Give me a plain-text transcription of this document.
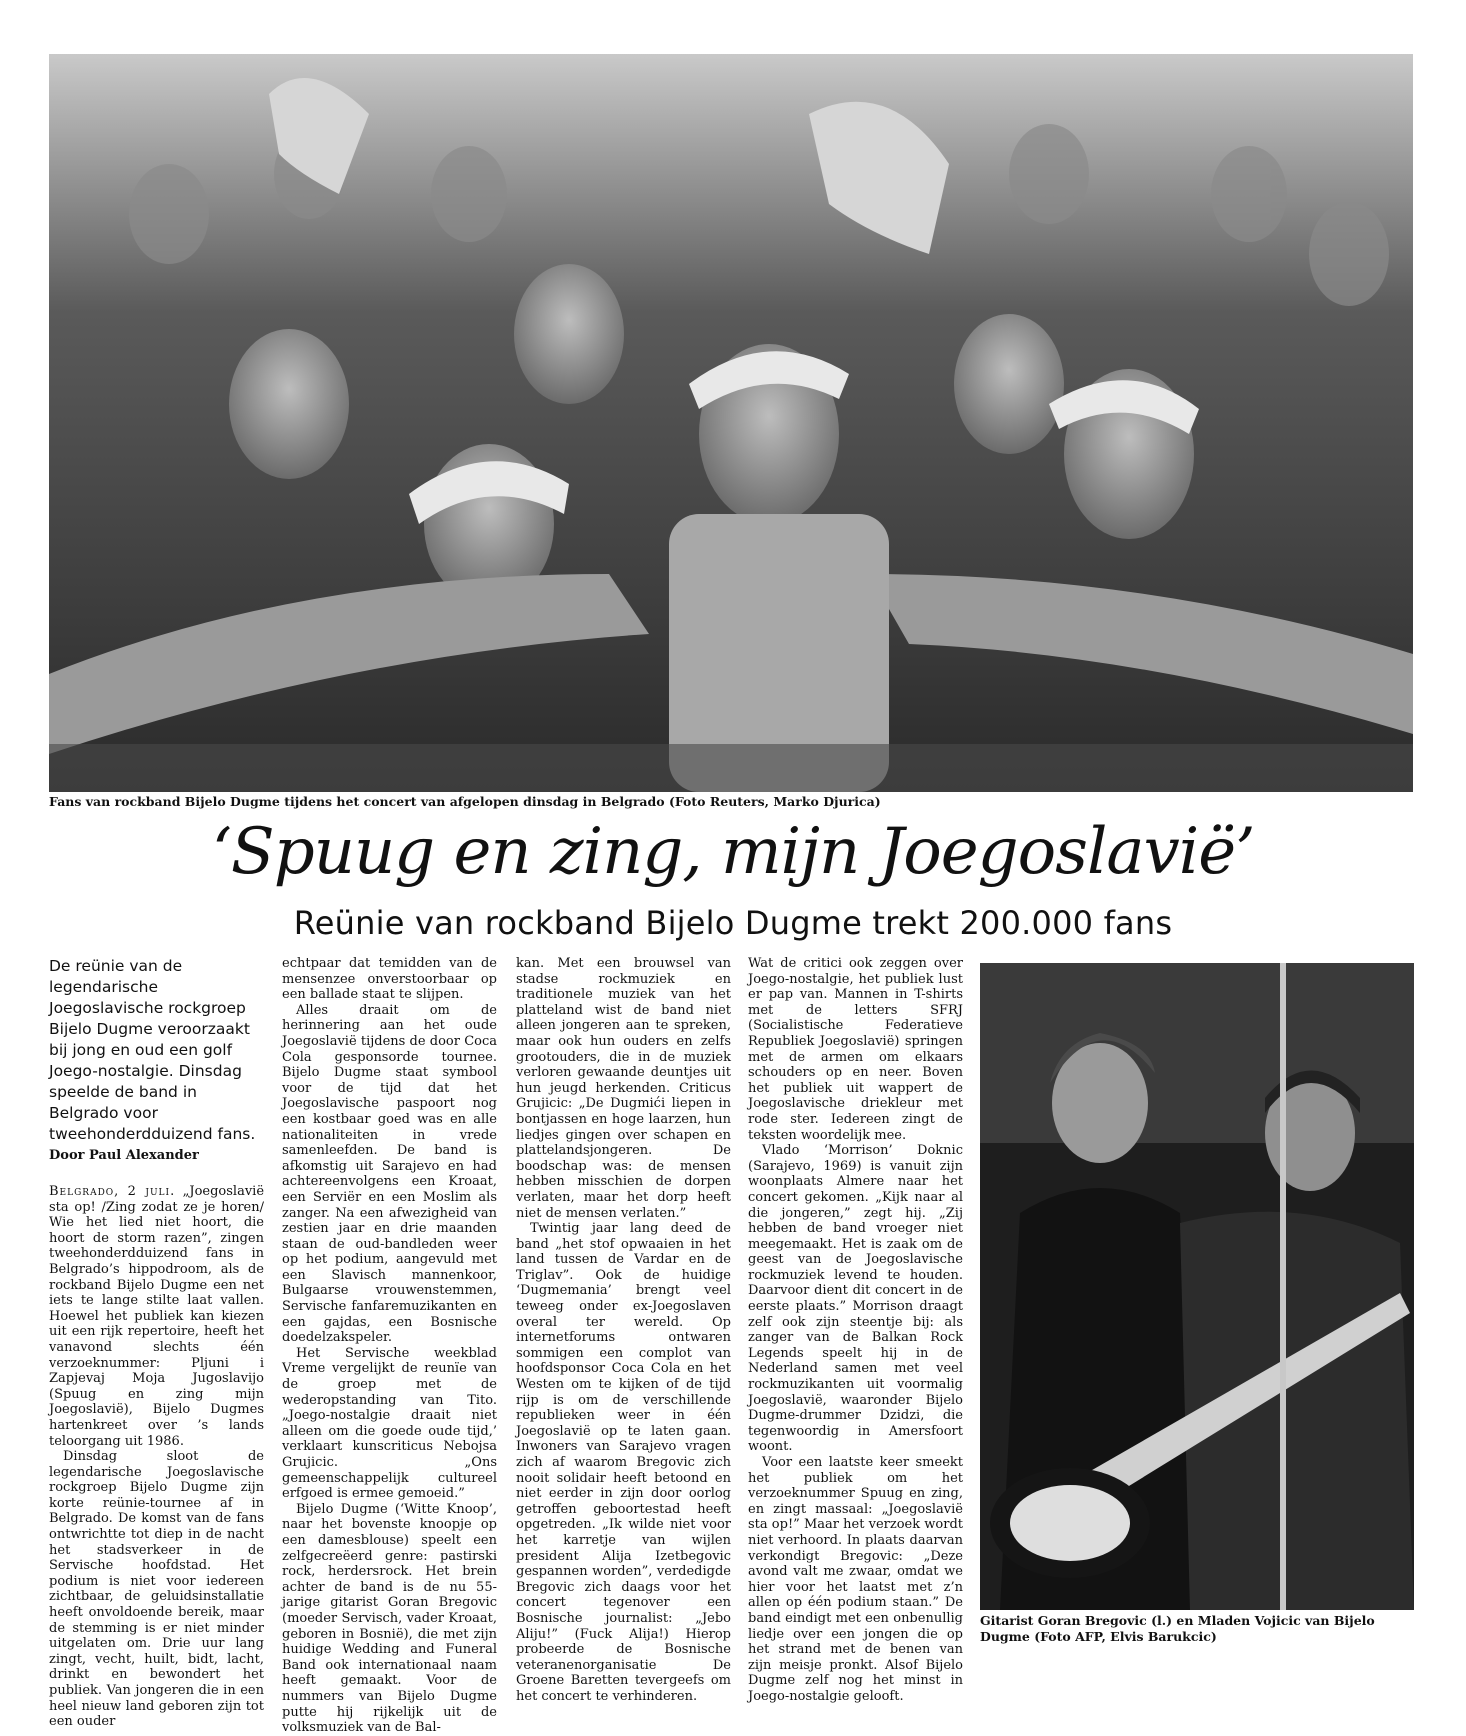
Fans van rockband Bijelo Dugme tijdens het concert van afgelopen dinsdag in Belgrado (Foto Reuters, Marko Djurica)
‘Spuug en zing, mijn Joegoslavië’
Reünie van rockband Bijelo Dugme trekt 200.000 fans
De reünie van de legendarische Joegoslavische rockgroep Bijelo Dugme veroorzaakt bij jong en oud een golf Joego-nostalgie. Dinsdag speelde de band in Belgrado voor tweehonderdduizend fans.
Door Paul Alexander

Belgrado, 2 juli. „Joegoslavië sta op! /Zing zodat ze je horen/ Wie het lied niet hoort, die hoort de storm razen”, zingen tweehonderdduizend fans in Belgrado’s hippodroom, als de rockband Bijelo Dugme een net iets te lange stilte laat vallen. Hoewel het publiek kan kiezen uit een rijk repertoire, heeft het vanavond slechts één verzoeknummer: Pljuni i Zapjevaj Moja Jugoslavijo (Spuug en zing mijn Joegoslavië), Bijelo Dugmes hartenkreet over ’s lands teloorgang uit 1986.

Dinsdag sloot de legendarische Joegoslavische rockgroep Bijelo Dugme zijn korte reünie-tournee af in Belgrado. De komst van de fans ontwrichtte tot diep in de nacht het stadsverkeer in de Servische hoofdstad. Het podium is niet voor iedereen zichtbaar, de geluidsinstallatie heeft onvoldoende bereik, maar de stemming is er niet minder uitgelaten om. Drie uur lang zingt, vecht, huilt, bidt, lacht, drinkt en bewondert het publiek. Van jongeren die in een heel nieuw land geboren zijn tot een ouder

echtpaar dat temidden van de mensenzee onverstoorbaar op een ballade staat te slijpen.

Alles draait om de herinnering aan het oude Joegoslavië tijdens de door Coca Cola gesponsorde tournee. Bijelo Dugme staat symbool voor de tijd dat het Joegoslavische paspoort nog een kostbaar goed was en alle nationaliteiten in vrede samenleefden. De band is afkomstig uit Sarajevo en had achtereenvolgens een Kroaat, een Serviër en een Moslim als zanger. Na een afwezigheid van zestien jaar en drie maanden staan de oud-bandleden weer op het podium, aangevuld met een Slavisch mannenkoor, Bulgaarse vrouwenstemmen, Servische fanfaremuzikanten en een gajdas, een Bosnische doedelzakspeler.

Het Servische weekblad Vreme vergelijkt de reunïe van de groep met de wederopstanding van Tito. „Joego-nostalgie draait niet alleen om die goede oude tijd,’ verklaart kunscriticus Nebojsa Grujicic. „Ons gemeenschappelijk cultureel erfgoed is ermee gemoeid.”

Bijelo Dugme (‘Witte Knoop’, naar het bovenste knoopje op een damesblouse) speelt een zelfgecreëerd genre: pastirski rock, herdersrock. Het brein achter de band is de nu 55-jarige gitarist Goran Bregovic (moeder Servisch, vader Kroaat, geboren in Bosnië), die met zijn huidige Wedding and Funeral Band ook internationaal naam heeft gemaakt. Voor de nummers van Bijelo Dugme putte hij rijkelijk uit de volksmuziek van de Bal-

kan. Met een brouwsel van stadse rockmuziek en traditionele muziek van het platteland wist de band niet alleen jongeren aan te spreken, maar ook hun ouders en zelfs grootouders, die in de muziek verloren gewaande deuntjes uit hun jeugd herkenden. Criticus Grujicic: „De Dugmići liepen in bontjassen en hoge laarzen, hun liedjes gingen over schapen en plattelandsjongeren. De boodschap was: de mensen hebben misschien de dorpen verlaten, maar het dorp heeft niet de mensen verlaten.”

Twintig jaar lang deed de band „het stof opwaaien in het land tussen de Vardar en de Triglav”. Ook de huidige ‘Dugmemania’ brengt veel teweeg onder ex-Joegoslaven overal ter wereld. Op internetforums ontwaren sommigen een complot van hoofdsponsor Coca Cola en het Westen om te kijken of de tijd rijp is om de verschillende republieken weer in één Joegoslavië op te laten gaan. Inwoners van Sarajevo vragen zich af waarom Bregovic zich nooit solidair heeft betoond en niet eerder in zijn door oorlog getroffen geboortestad heeft opgetreden. „Ik wilde niet voor het karretje van wijlen president Alija Izetbegovic gespannen worden”, verdedigde Bregovic zich daags voor het concert tegenover een Bosnische journalist: „Jebo Aliju!” (Fuck Alija!) Hierop probeerde de Bosnische veteranenorganisatie De Groene Baretten tevergeefs om het concert te verhinderen.

Wat de critici ook zeggen over Joego-nostalgie, het publiek lust er pap van. Mannen in T-shirts met de letters SFRJ (Socialistische Federatieve Republiek Joegoslavië) springen met de armen om elkaars schouders op en neer. Boven het publiek uit wappert de Joegoslavische driekleur met rode ster. Iedereen zingt de teksten woordelijk mee.

Vlado ‘Morrison’ Doknic (Sarajevo, 1969) is vanuit zijn woonplaats Almere naar het concert gekomen. „Kijk naar al die jongeren,” zegt hij. „Zij hebben de band vroeger niet meegemaakt. Het is zaak om de geest van de Joegoslavische rockmuziek levend te houden. Daarvoor dient dit concert in de eerste plaats.” Morrison draagt zelf ook zijn steentje bij: als zanger van de Balkan Rock Legends speelt hij in de Nederland samen met veel rockmuzikanten uit voormalig Joegoslavië, waaronder Bijelo Dugme-drummer Dzidzi, die tegenwoordig in Amersfoort woont.

Voor een laatste keer smeekt het publiek om het verzoeknummer Spuug en zing, en zingt massaal: „Joegoslavië sta op!” Maar het verzoek wordt niet verhoord. In plaats daarvan verkondigt Bregovic: „Deze avond valt me zwaar, omdat we hier voor het laatst met z’n allen op één podium staan.” De band eindigt met een onbenullig liedje over een jongen die op het strand met de benen van zijn meisje pronkt. Alsof Bijelo Dugme zelf nog het minst in Joego-nostalgie gelooft.

Gitarist Goran Bregovic (l.) en Mladen Vojicic van Bijelo Dugme (Foto AFP, Elvis Barukcic)
